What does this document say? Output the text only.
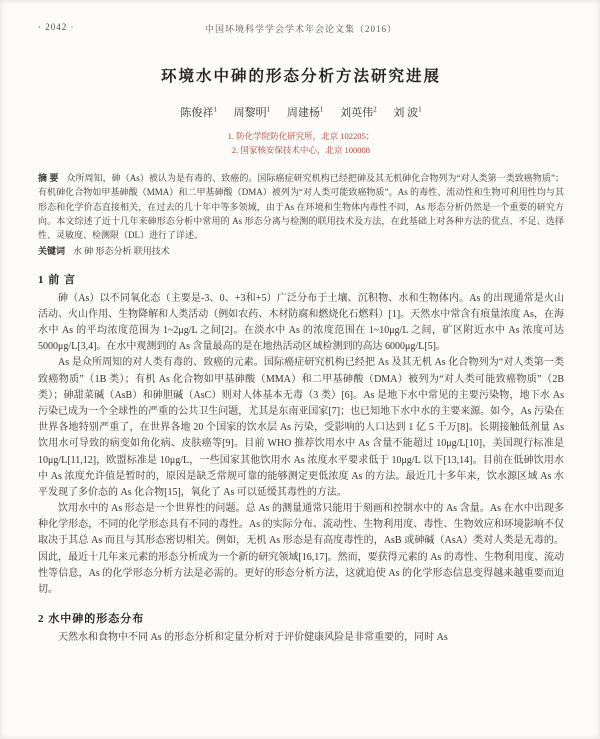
· 2042 ·	中国环境科学学会学术年会论文集（2016）
环境水中砷的形态分析方法研究进展

陈俊祥$^1$ 周黎明$^1$ 周建杨$^1$ 刘英伟$^2$ 刘 波$^1$

1. 防化学院防化研究所，北京 102205；
2. 国家核安保技术中心，北京 100008

摘 要 众所周知，砷（As）被认为是有毒的、致癌的。国际癌症研究机构已经把砷及其无机砷化合物列为“对人类第一类致癌物质”；有机砷化合物如甲基砷酸（MMA）和二甲基砷酸（DMA）被列为“对人类可能致癌物质”。As 的毒性、流动性和生物可利用性均与其形态和化学价态直接相关，在过去的几十年中等多领域，由于As 在环境和生物体内毒性不同，As 形态分析仍然是一个重要的研究方向。本文综述了近十几年来砷形态分析中常用的 As 形态分离与检测的联用技术及方法，在此基础上对各种方法的优点、不足、选择性、灵敏度、检测限（DL）进行了详述。

关键词 水 砷 形态分析 联用技术

1 前 言

砷（As）以不同氧化态（主要是-3、0、+3和+5）广泛分布于土壤、沉积物、水和生物体内。As 的出现通常是火山活动、火山作用、生物降解和人类活动（例如农药、木材防腐和燃烧化石燃料）[1]。天然水中常含有痕量浓度 As，在海水中 As 的平均浓度范围为 1~2μg/L 之间[2]。在淡水中 As 的浓度范围在 1~10μg/L 之间，矿区附近水中 As 浓度可达 5000μg/L[3,4]。在水中观测到的 As 含量最高的是在地热活动区域检测到的高达 6000μg/L[5]。

As 是众所周知的对人类有毒的、致癌的元素。国际癌症研究机构已经把 As 及其无机 As 化合物列为“对人类第一类致癌物质”（1B 类）；有机 As 化合物如甲基砷酸（MMA）和二甲基砷酸（DMA）被列为“对人类可能致癌物质”（2B 类）；砷甜菜碱（AsB）和砷胆碱（AsC）则对人体基本无毒（3 类）[6]。As 是地下水中常见的主要污染物，地下水 As 污染已成为一个全球性的严重的公共卫生问题，尤其是东南亚国家[7]；也已知地下水中水的主要来源。如今，As 污染在世界各地特别严重了，在世界各地 20 个国家的饮水层 As 污染，受影响的人口达到 1 亿 5 千万[8]。长期接触低剂量 As 饮用水可导致的病变如角化病、皮肤癌等[9]。目前 WHO 推荐饮用水中 As 含量不能超过 10μg/L[10]，美国现行标准是 10μg/L[11,12]，欧盟标准是 10μg/L，一些国家其他饮用水 As 浓度水平要求低于 10μg/L 以下[13,14]。目前在低砷饮用水中 As 浓度允许值是暂时的，原因是缺乏常规可靠的能够测定更低浓度 As 的方法。最近几十多年来，饮水源区域 As 水平发现了多价态的 As 化合物[15]，氧化了 As 可以延缓其毒性的方法。

饮用水中的 As 形态是一个世界性的问题。总 As 的测量通常只能用于刻画和控制水中的 As 含量。As 在水中出现多种化学形态，不同的化学形态具有不同的毒性。As 的实际分布、流动性、生物利用度、毒性、生物效应和环境影响不仅取决于其总 As 而且与其形态密切相关。例如，无机 As 形态是有高度毒性的，AsB 或砷碱（AsA）类对人类是无毒的。因此，最近十几年来元素的形态分析成为一个新的研究领域[16,17]。然而，要获得元素的 As 的毒性、生物利用度、流动性等信息，As 的化学形态分析方法是必需的。更好的形态分析方法，这就迫使 As 的化学形态信息变得越来越重要而迫切。

2 水中砷的形态分布

天然水和食物中不同 As 的形态分析和定量分析对于评价健康风险是非常重要的，同时 As
